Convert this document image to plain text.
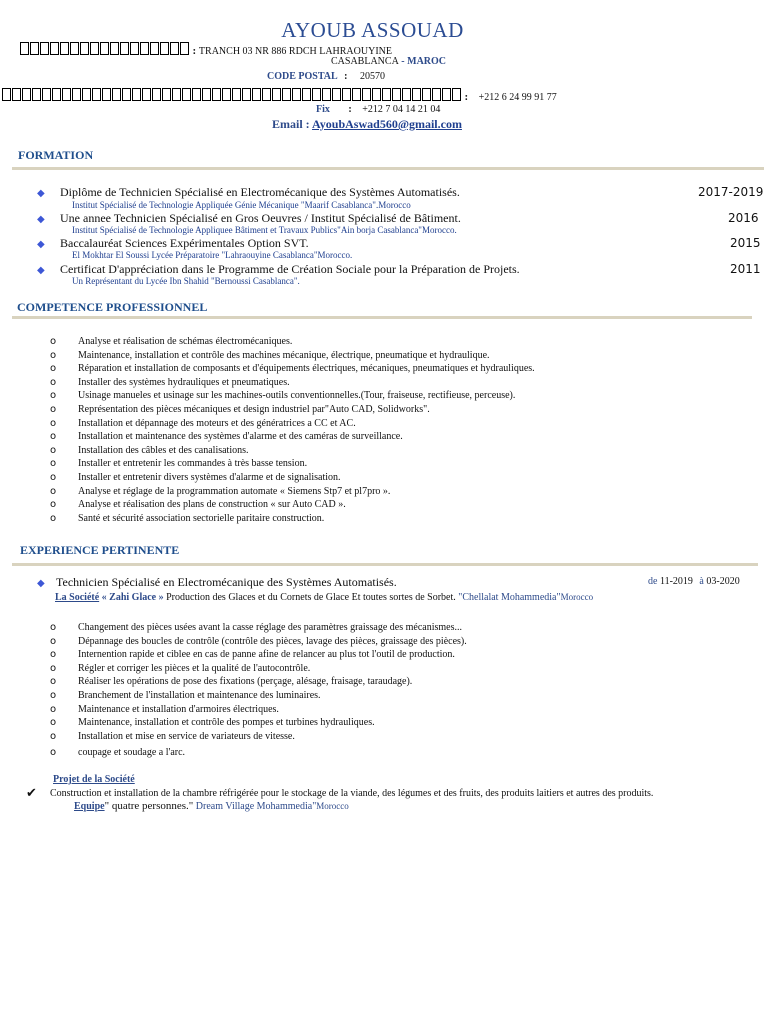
AYOUB ASSOUAD
: TRANCH 03 NR 886 RDCH LAHRAOUYINE
CASABLANCA - MAROC
CODE POSTAL : 20570
: +212 6 24 99 91 77
Fix : +212 7 04 14 21 04
Email : AyoubAswad560@gmail.com
FORMATION
◆ Diplôme de Technicien Spécialisé en Electromécanique des Systèmes Automatisés.	2017-2019
Institut Spécialisé de Technologie Appliquée Génie Mécanique "Maarif Casablanca".Morocco
◆ Une annee Technicien Spécialisé en Gros Oeuvres / Institut Spécialisé de Bâtiment.	2016
Institut Spécialisé de Technologie Appliquee Bâtiment et Travaux Publics"Ain borja Casablanca"Morocco.
◆ Baccalauréat Sciences Expérimentales Option SVT.	2015
El Mokhtar El Soussi Lycée Préparatoire "Lahraouyine Casablanca"Morocco.
◆ Certificat D'appréciation dans le Programme de Création Sociale pour la Préparation de Projets.	2011
Un Représentant du Lycée Ibn Shahid "Bernoussi Casablanca".
COMPETENCE PROFESSIONNEL
o Analyse et réalisation de schémas électromécaniques.
o Maintenance, installation et contrôle des machines mécanique, électrique, pneumatique et hydraulique.
o Réparation et installation de composants et d'équipements électriques, mécaniques, pneumatiques et hydrauliques.
o Installer des systèmes hydrauliques et pneumatiques.
o Usinage manueles et usinage sur les machines-outils conventionnelles.(Tour, fraiseuse, rectifieuse, perceuse).
o Représentation des pièces mécaniques et design industriel par"Auto CAD, Solidworks".
o Installation et dépannage des moteurs et des génératrices a CC et AC.
o Installation et maintenance des systèmes d'alarme et des caméras de surveillance.
o Installation des câbles et des canalisations.
o Installer et entretenir les commandes à très basse tension.
o Installer et entretenir divers systèmes d'alarme et de signalisation.
o Analyse et réglage de la programmation automate « Siemens Stp7 et pl7pro ».
o Analyse et réalisation des plans de construction « sur Auto CAD ».
o Santé et sécurité association sectorielle paritaire construction.
EXPERIENCE PERTINENTE
◆ Technicien Spécialisé en Electromécanique des Systèmes Automatisés.	de 11-2019 à 03-2020
La Société « Zahi Glace » Production des Glaces et du Cornets de Glace Et toutes sortes de Sorbet. "Chellalat Mohammedia"Morocco
o Changement des pièces usées avant la casse réglage des paramètres graissage des mécanismes...
o Dépannage des boucles de contrôle (contrôle des pièces, lavage des pièces, graissage des pièces).
o Internention rapide et ciblee en cas de panne afine de relancer au plus tot l'outil de production.
o Régler et corriger les pièces et la qualité de l'autocontrôle.
o Réaliser les opérations de pose des fixations (perçage, alésage, fraisage, taraudage).
o Branchement de l'installation et maintenance des luminaires.
o Maintenance et installation d'armoires électriques.
o Maintenance, installation et contrôle des pompes et turbines hydrauliques.
o Installation et mise en service de variateurs de vitesse.
o coupage et soudage a l'arc.
Projet de la Société
✔ Construction et installation de la chambre réfrigérée pour le stockage de la viande, des légumes et des fruits, des produits laitiers et autres des produits.
Equipe" quatre personnes." Dream Village Mohammedia"Morocco
